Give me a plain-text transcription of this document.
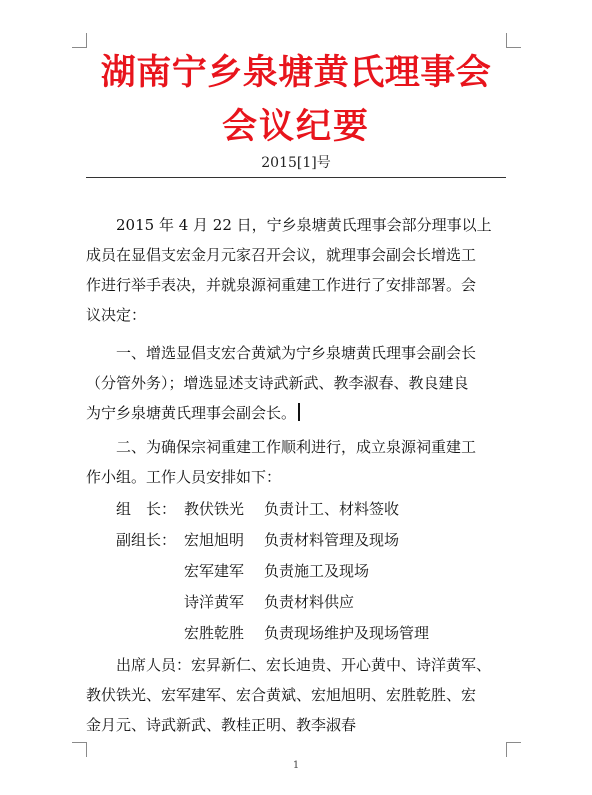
湖南宁乡泉塘黄氏理事会
会议纪要
2015[1]号
2015 年 4 月 22 日，宁乡泉塘黄氏理事会部分理事以上
成员在显倡支宏金月元家召开会议，就理事会副会长增选工
作进行举手表决，并就泉源祠重建工作进行了安排部署。会
议决定：
一、增选显倡支宏合黄斌为宁乡泉塘黄氏理事会副会长
（分管外务）；增选显述支诗武新武、教李淑春、教良建良
为宁乡泉塘黄氏理事会副会长。
二、为确保宗祠重建工作顺利进行，成立泉源祠重建工
作小组。工作人员安排如下：
组　长： 教伏铁光 负责计工、材料签收
副组长： 宏旭旭明 负责材料管理及现场
宏军建军 负责施工及现场
诗洋黄军 负责材料供应
宏胜乾胜 负责现场维护及现场管理
出席人员：宏昇新仁、宏长迪贵、开心黄中、诗洋黄军、
教伏铁光、宏军建军、宏合黄斌、宏旭旭明、宏胜乾胜、宏
金月元、诗武新武、教桂正明、教李淑春
1
